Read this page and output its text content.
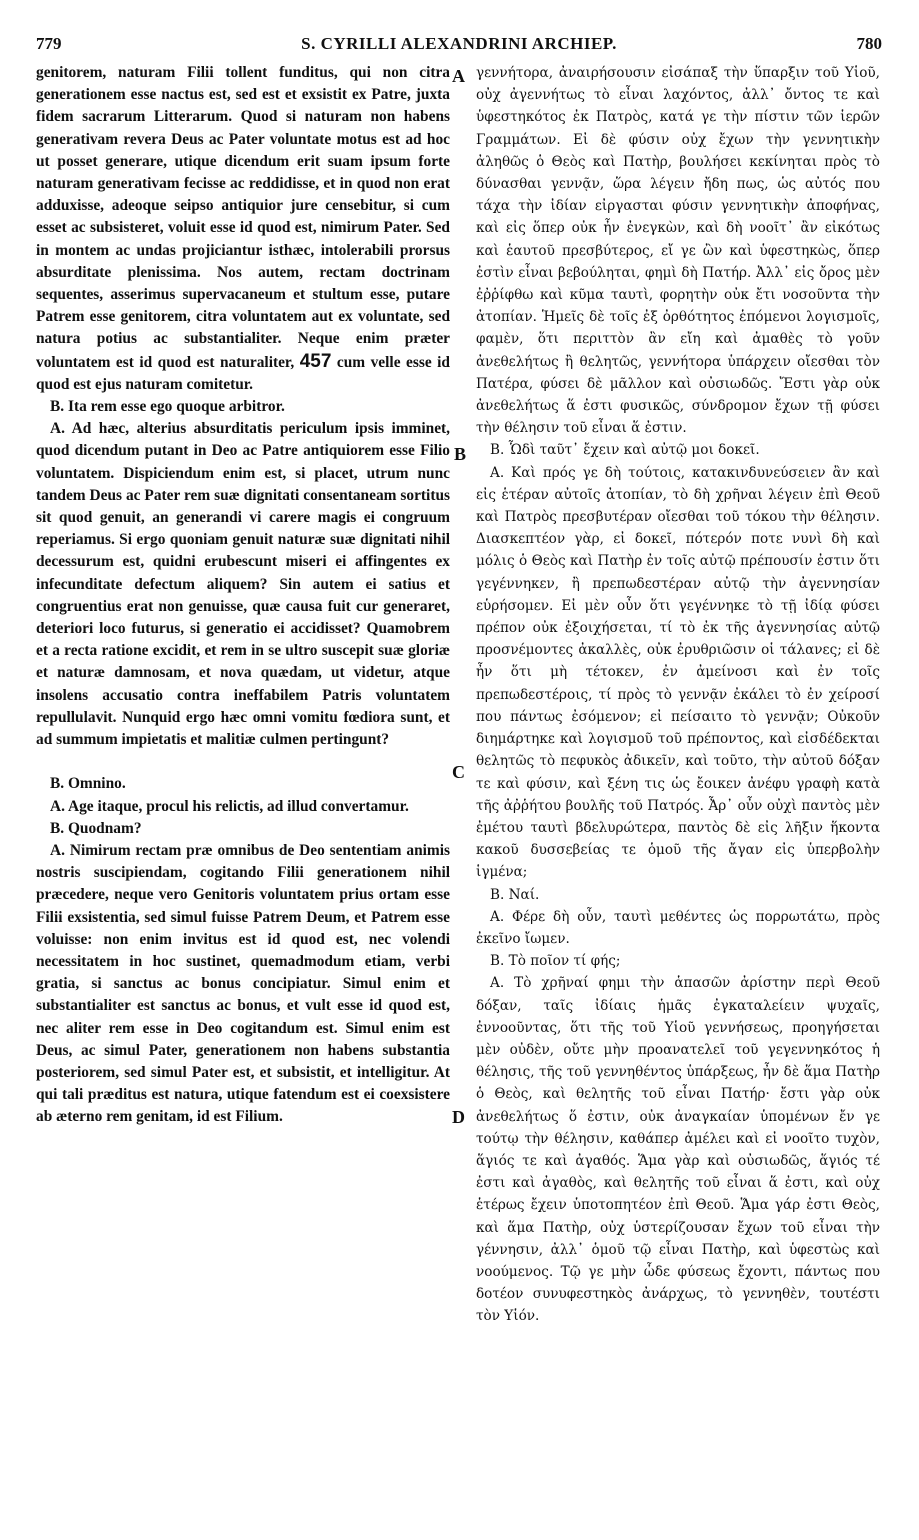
779	S. CYRILLI ALEXANDRINI ARCHIEP.	780

genitorem, naturam Filii tollent funditus, qui non citra generationem esse nactus est, sed est et exsistit ex Patre, juxta fidem sacrarum Litterarum. Quod si naturam non habens generativam revera Deus ac Pater voluntate motus est ad hoc ut posset generare, utique dicendum erit suam ipsum forte naturam generativam fecisse ac reddidisse, et in quod non erat adduxisse, adeoque seipso antiquior jure censebitur, si cum esset ac subsisteret, voluit esse id quod est, nimirum Pater. Sed in montem ac undas projiciantur isthæc, intolerabili prorsus absurditate plenissima. Nos autem, rectam doctrinam sequentes, asserimus supervacaneum et stultum esse, putare Patrem esse genitorem, citra voluntatem aut ex voluntate, sed natura potius ac substantialiter. Neque enim præter voluntatem est id quod est naturaliter, 457 cum velle esse id quod est ejus naturam comitetur.

B. Ita rem esse ego quoque arbitror.

A. Ad hæc, alterius absurditatis periculum ipsis imminet, quod dicendum putant in Deo ac Patre antiquiorem esse Filio voluntatem. Dispiciendum enim est, si placet, utrum nunc tandem Deus ac Pater rem suæ dignitati consentaneam sortitus sit quod genuit, an generandi vi carere magis ei congruum reperiamus. Si ergo quoniam genuit naturæ suæ dignitati nihil decessurum est, quidni erubescunt miseri ei affingentes ex infecunditate defectum aliquem? Sin autem ei satius et congruentius erat non genuisse, quæ causa fuit cur generaret, deteriori loco futurus, si generatio ei accidisset? Quamobrem et a recta ratione excidit, et rem in se ultro suscepit suæ gloriæ et naturæ damnosam, et nova quædam, ut videtur, atque insolens accusatio contra ineffabilem Patris voluntatem repullulavit. Nunquid ergo hæc omni vomitu fœdiora sunt, et ad summum impietatis et malitiæ culmen pertingunt?

B. Omnino.

A. Age itaque, procul his relictis, ad illud convertamur.

B. Quodnam?

A. Nimirum rectam præ omnibus de Deo sententiam animis nostris suscipiendam, cogitando Filii generationem nihil præcedere, neque vero Genitoris voluntatem prius ortam esse Filii exsistentia, sed simul fuisse Patrem Deum, et Patrem esse voluisse: non enim invitus est id quod est, nec volendi necessitatem in hoc sustinet, quemadmodum etiam, verbi gratia, si sanctus ac bonus concipiatur. Simul enim et substantialiter est sanctus ac bonus, et vult esse id quod est, nec aliter rem esse in Deo cogitandum est. Simul enim est Deus, ac simul Pater, generationem non habens substantia posteriorem, sed simul Pater est, et subsistit, et intelligitur. At qui tali præditus est natura, utique fatendum est ei coexsistere ab æterno rem genitam, id est Filium.

A
B
C
D

γεννήτορα, ἀναιρήσουσιν εἰσάπαξ τὴν ὕπαρξιν τοῦ Υἱοῦ, οὐχ ἀγεννήτως τὸ εἶναι λαχόντος, ἀλλ᾽ ὄντος τε καὶ ὑφεστηκότος ἐκ Πατρὸς, κατά γε τὴν πίστιν τῶν ἱερῶν Γραμμάτων. Εἰ δὲ φύσιν οὐχ ἔχων τὴν γεννητικὴν ἀληθῶς ὁ Θεὸς καὶ Πατὴρ, βουλήσει κεκίνηται πρὸς τὸ δύνασθαι γεννᾷν, ὥρα λέγειν ἤδη πως, ὡς αὐτός που τάχα τὴν ἰδίαν εἰργασται φύσιν γεννητικὴν ἀποφήνας, καὶ εἰς ὅπερ οὐκ ἦν ἐνεγκὼν, καὶ δὴ νοοῖτ᾽ ἂν εἰκότως καὶ ἑαυτοῦ πρεσβύτερος, εἴ γε ὢν καὶ ὑφεστηκὼς, ὅπερ ἐστὶν εἶναι βεβούληται, φημὶ δὴ Πατήρ. Ἀλλ᾽ εἰς ὄρος μὲν ἐῤῥίφθω καὶ κῦμα ταυτὶ, φορητὴν οὐκ ἔτι νοσοῦντα τὴν ἀτοπίαν. Ἡμεῖς δὲ τοῖς ἐξ ὀρθότητος ἑπόμενοι λογισμοῖς, φαμὲν, ὅτι περιττὸν ἂν εἴη καὶ ἀμαθὲς τὸ γοῦν ἀνεθελήτως ἢ θελητῶς, γεννήτορα ὑπάρχειν οἴεσθαι τὸν Πατέρα, φύσει δὲ μᾶλλον καὶ οὐσιωδῶς. Ἔστι γὰρ οὐκ ἀνεθελήτως ἅ ἐστι φυσικῶς, σύνδρομον ἔχων τῇ φύσει τὴν θέλησιν τοῦ εἶναι ἅ ἐστιν.

Β. Ὧδὶ ταῦτ᾽ ἔχειν καὶ αὐτῷ μοι δοκεῖ.

Α. Καὶ πρός γε δὴ τούτοις, κατακινδυνεύσειεν ἂν καὶ εἰς ἑτέραν αὐτοῖς ἀτοπίαν, τὸ δὴ χρῆναι λέγειν ἐπὶ Θεοῦ καὶ Πατρὸς πρεσβυτέραν οἴεσθαι τοῦ τόκου τὴν θέλησιν. Διασκεπτέον γὰρ, εἰ δοκεῖ, πότερόν ποτε νυνὶ δὴ καὶ μόλις ὁ Θεὸς καὶ Πατὴρ ἐν τοῖς αὐτῷ πρέπουσίν ἐστιν ὅτι γεγέννηκεν, ἢ πρεπωδεστέραν αὐτῷ τὴν ἀγεννησίαν εὑρήσομεν. Εἰ μὲν οὖν ὅτι γεγέννηκε τὸ τῇ ἰδίᾳ φύσει πρέπον οὐκ ἐξοιχήσεται, τί τὸ ἐκ τῆς ἀγεννησίας αὐτῷ προσνέμοντες ἀκαλλὲς, οὐκ ἐρυθριῶσιν οἱ τάλανες; εἰ δὲ ἦν ὅτι μὴ τέτοκεν, ἐν ἀμείνοσι καὶ ἐν τοῖς πρεπωδεστέροις, τί πρὸς τὸ γεννᾷν ἐκάλει τὸ ἐν χείροσί που πάντως ἐσόμενον; εἰ πείσαιτο τὸ γεννᾷν; Οὐκοῦν διημάρτηκε καὶ λογισμοῦ τοῦ πρέποντος, καὶ εἰσδέδεκται θελητῶς τὸ πεφυκὸς ἀδικεῖν, καὶ τοῦτο, τὴν αὐτοῦ δόξαν τε καὶ φύσιν, καὶ ξένη τις ὡς ἔοικεν ἀνέφυ γραφὴ κατὰ τῆς ἀῤῥήτου βουλῆς τοῦ Πατρός. Ἆρ᾽ οὖν οὐχὶ παντὸς μὲν ἐμέτου ταυτὶ βδελυρώτερα, παντὸς δὲ εἰς λῆξιν ἥκοντα κακοῦ δυσσεβείας τε ὁμοῦ τῆς ἄγαν εἰς ὑπερβολὴν ἱγμένα;

Β. Ναί.

Α. Φέρε δὴ οὖν, ταυτὶ μεθέντες ὡς πορρωτάτω, πρὸς ἐκεῖνο ἴωμεν.

Β. Τὸ ποῖον τί φής;

Α. Τὸ χρῆναί φημι τὴν ἁπασῶν ἀρίστην περὶ Θεοῦ δόξαν, ταῖς ἰδίαις ἡμᾶς ἐγκαταλείειν ψυχαῖς, ἐννοοῦντας, ὅτι τῆς τοῦ Υἱοῦ γεννήσεως, προηγήσεται μὲν οὐδὲν, οὔτε μὴν προανατελεῖ τοῦ γεγεννηκότος ἡ θέλησις, τῆς τοῦ γεννηθέντος ὑπάρξεως, ἦν δὲ ἅμα Πατὴρ ὁ Θεὸς, καὶ θελητῆς τοῦ εἶναι Πατήρ· ἔστι γὰρ οὐκ ἀνεθελήτως ὅ ἐστιν, οὐκ ἀναγκαίαν ὑπομένων ἔν γε τούτῳ τὴν θέλησιν, καθάπερ ἀμέλει καὶ εἰ νοοῖτο τυχὸν, ἅγιός τε καὶ ἀγαθός. Ἅμα γὰρ καὶ οὐσιωδῶς, ἅγιός τέ ἐστι καὶ ἀγαθὸς, καὶ θελητῆς τοῦ εἶναι ἅ ἐστι, καὶ οὐχ ἑτέρως ἔχειν ὑποτοπητέον ἐπὶ Θεοῦ. Ἅμα γάρ ἐστι Θεὸς, καὶ ἅμα Πατὴρ, οὐχ ὑστερίζουσαν ἔχων τοῦ εἶναι τὴν γέννησιν, ἀλλ᾽ ὁμοῦ τῷ εἶναι Πατὴρ, καὶ ὑφεστὼς καὶ νοούμενος. Τῷ γε μὴν ὧδε φύσεως ἔχοντι, πάντως που δοτέον συνυφεστηκὸς ἀνάρχως, τὸ γεννηθὲν, τουτέστι τὸν Υἱόν.
